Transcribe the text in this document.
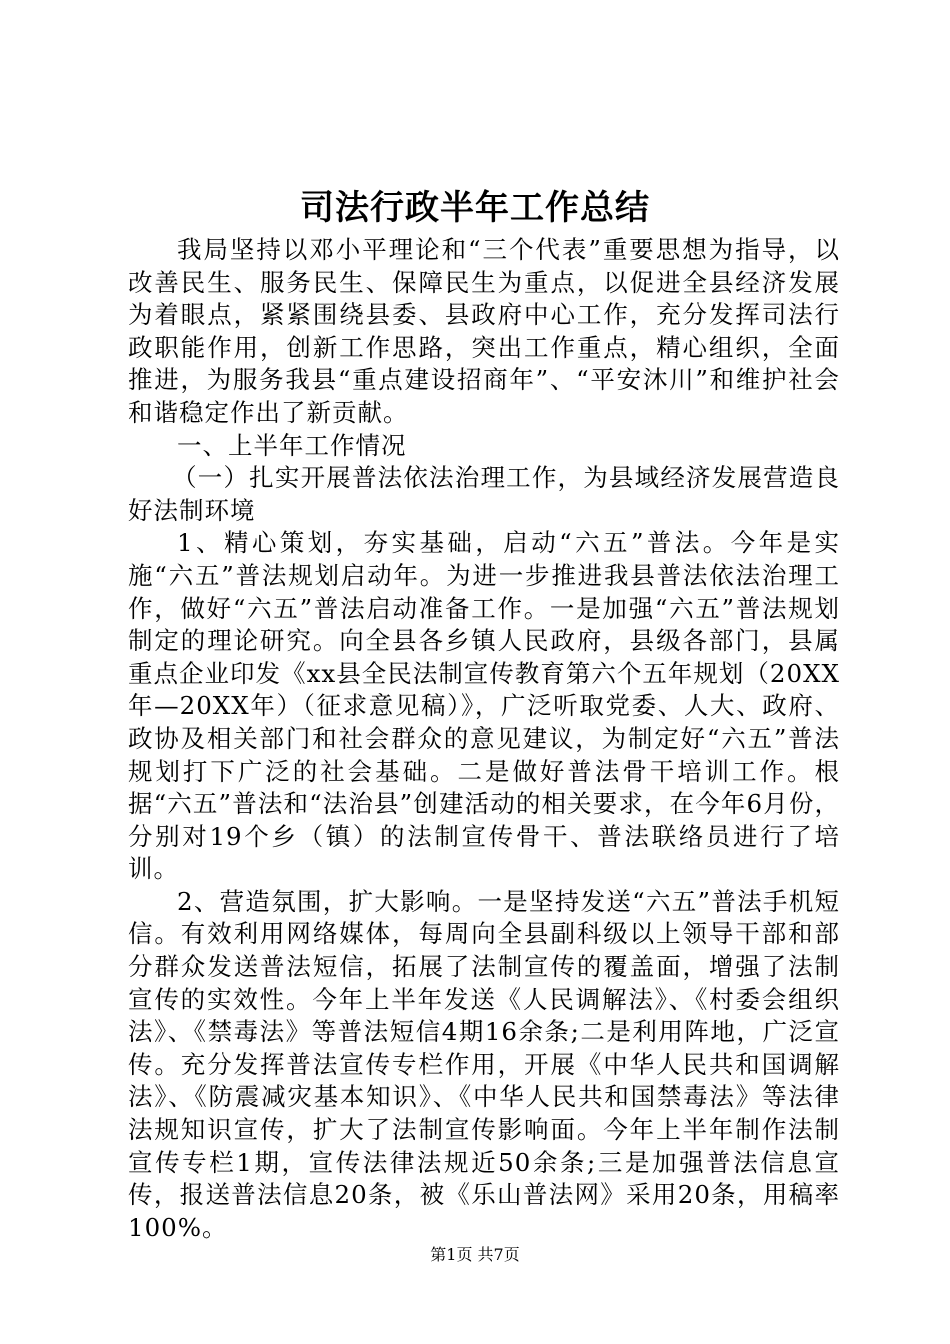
司法行政半年工作总结

我局坚持以邓小平理论和“三个代表”重要思想为指导，以改善民生、服务民生、保障民生为重点，以促进全县经济发展为着眼点，紧紧围绕县委、县政府中心工作，充分发挥司法行政职能作用，创新工作思路，突出工作重点，精心组织，全面推进，为服务我县“重点建设招商年”、“平安沐川”和维护社会和谐稳定作出了新贡献。

一、上半年工作情况

（一）扎实开展普法依法治理工作，为县域经济发展营造良好法制环境

1、精心策划，夯实基础，启动“六五”普法。今年是实施“六五”普法规划启动年。为进一步推进我县普法依法治理工作，做好“六五”普法启动准备工作。一是加强“六五”普法规划制定的理论研究。向全县各乡镇人民政府，县级各部门，县属重点企业印发《xx县全民法制宣传教育第六个五年规划（20XX年—20XX年）（征求意见稿）》，广泛听取党委、人大、政府、政协及相关部门和社会群众的意见建议，为制定好“六五”普法规划打下广泛的社会基础。二是做好普法骨干培训工作。根据“六五”普法和“法治县”创建活动的相关要求，在今年6月份，分别对19个乡（镇）的法制宣传骨干、普法联络员进行了培训。

2、营造氛围，扩大影响。一是坚持发送“六五”普法手机短信。有效利用网络媒体，每周向全县副科级以上领导干部和部分群众发送普法短信，拓展了法制宣传的覆盖面，增强了法制宣传的实效性。今年上半年发送《人民调解法》、《村委会组织法》、《禁毒法》等普法短信4期16余条;二是利用阵地，广泛宣传。充分发挥普法宣传专栏作用，开展《中华人民共和国调解法》、《防震减灾基本知识》、《中华人民共和国禁毒法》等法律法规知识宣传，扩大了法制宣传影响面。今年上半年制作法制宣传专栏1期，宣传法律法规近50余条;三是加强普法信息宣传，报送普法信息20条，被《乐山普法网》采用20条，用稿率100%。

第1页 共7页
